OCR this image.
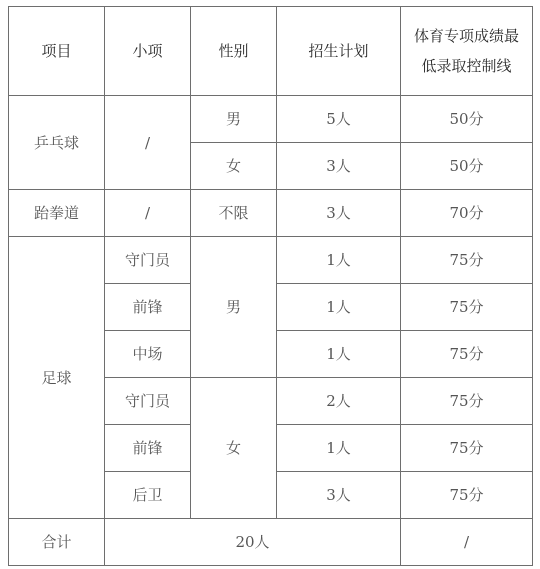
项目	小项	性别	招生计划	体育专项成绩最
低录取控制线
乒乓球	/	男	5人	50分
		女	3人	50分
跆拳道	/	不限	3人	70分
足球	守门员	男	1人	75分
	前锋		1人	75分
	中场		1人	75分
	守门员	女	2人	75分
	前锋		1人	75分
	后卫		3人	75分
合计	20人			/
